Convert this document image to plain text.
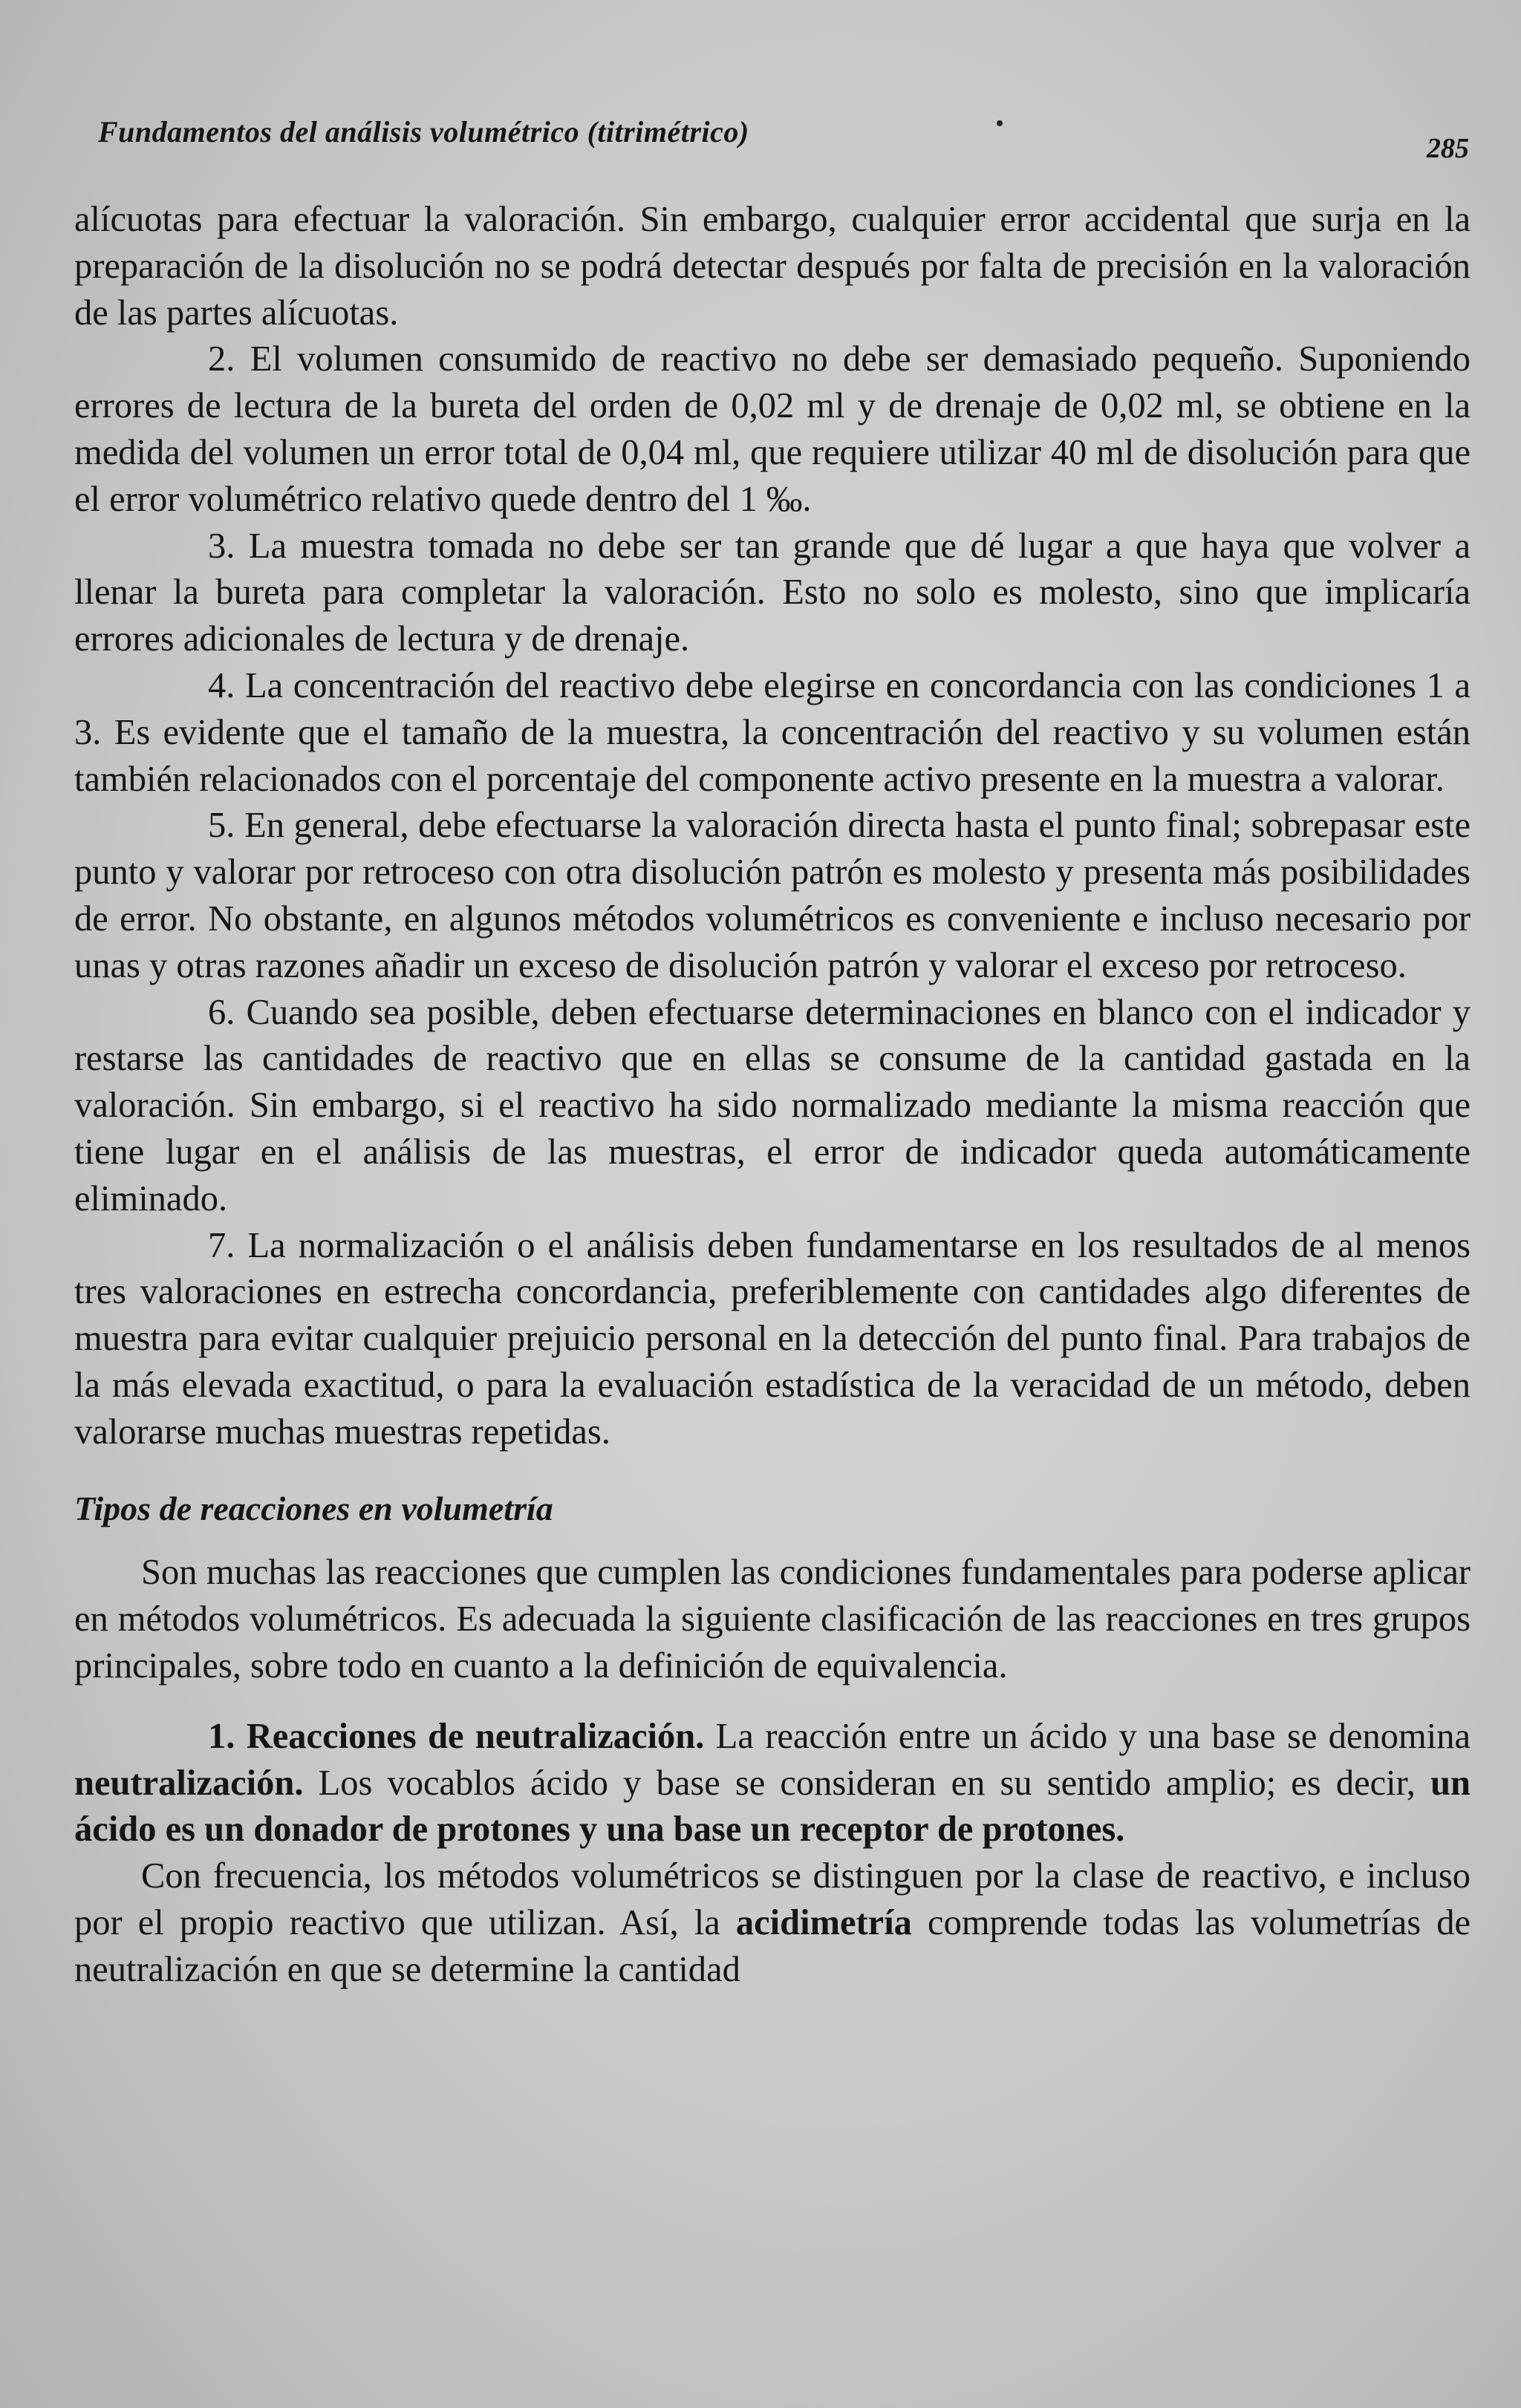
Fundamentos del análisis volumétrico (titrimétrico)	285

alícuotas para efectuar la valoración. Sin embargo, cualquier error accidental que surja en la preparación de la disolución no se podrá detectar después por falta de precisión en la valoración de las partes alícuotas.

2. El volumen consumido de reactivo no debe ser demasiado pequeño. Suponiendo errores de lectura de la bureta del orden de 0,02 ml y de drenaje de 0,02 ml, se obtiene en la medida del volumen un error total de 0,04 ml, que requiere utilizar 40 ml de disolución para que el error volumétrico relativo quede dentro del 1 ‰.

3. La muestra tomada no debe ser tan grande que dé lugar a que haya que volver a llenar la bureta para completar la valoración. Esto no solo es molesto, sino que implicaría errores adicionales de lectura y de drenaje.

4. La concentración del reactivo debe elegirse en concordancia con las condiciones 1 a 3. Es evidente que el tamaño de la muestra, la concentración del reactivo y su volumen están también relacionados con el porcentaje del componente activo presente en la muestra a valorar.

5. En general, debe efectuarse la valoración directa hasta el punto final; sobrepasar este punto y valorar por retroceso con otra disolución patrón es molesto y presenta más posibilidades de error. No obstante, en algunos métodos volumétricos es conveniente e incluso necesario por unas y otras razones añadir un exceso de disolución patrón y valorar el exceso por retroceso.

6. Cuando sea posible, deben efectuarse determinaciones en blanco con el indicador y restarse las cantidades de reactivo que en ellas se consume de la cantidad gastada en la valoración. Sin embargo, si el reactivo ha sido normalizado mediante la misma reacción que tiene lugar en el análisis de las muestras, el error de indicador queda automáticamente eliminado.

7. La normalización o el análisis deben fundamentarse en los resultados de al menos tres valoraciones en estrecha concordancia, preferiblemente con cantidades algo diferentes de muestra para evitar cualquier prejuicio personal en la detección del punto final. Para trabajos de la más elevada exactitud, o para la evaluación estadística de la veracidad de un método, deben valorarse muchas muestras repetidas.

Tipos de reacciones en volumetría

Son muchas las reacciones que cumplen las condiciones fundamentales para poderse aplicar en métodos volumétricos. Es adecuada la siguiente clasificación de las reacciones en tres grupos principales, sobre todo en cuanto a la definición de equivalencia.

1. Reacciones de neutralización. La reacción entre un ácido y una base se denomina neutralización. Los vocablos ácido y base se consideran en su sentido amplio; es decir, un ácido es un donador de protones y una base un receptor de protones.

Con frecuencia, los métodos volumétricos se distinguen por la clase de reactivo, e incluso por el propio reactivo que utilizan. Así, la acidimetría comprende todas las volumetrías de neutralización en que se determine la cantidad
